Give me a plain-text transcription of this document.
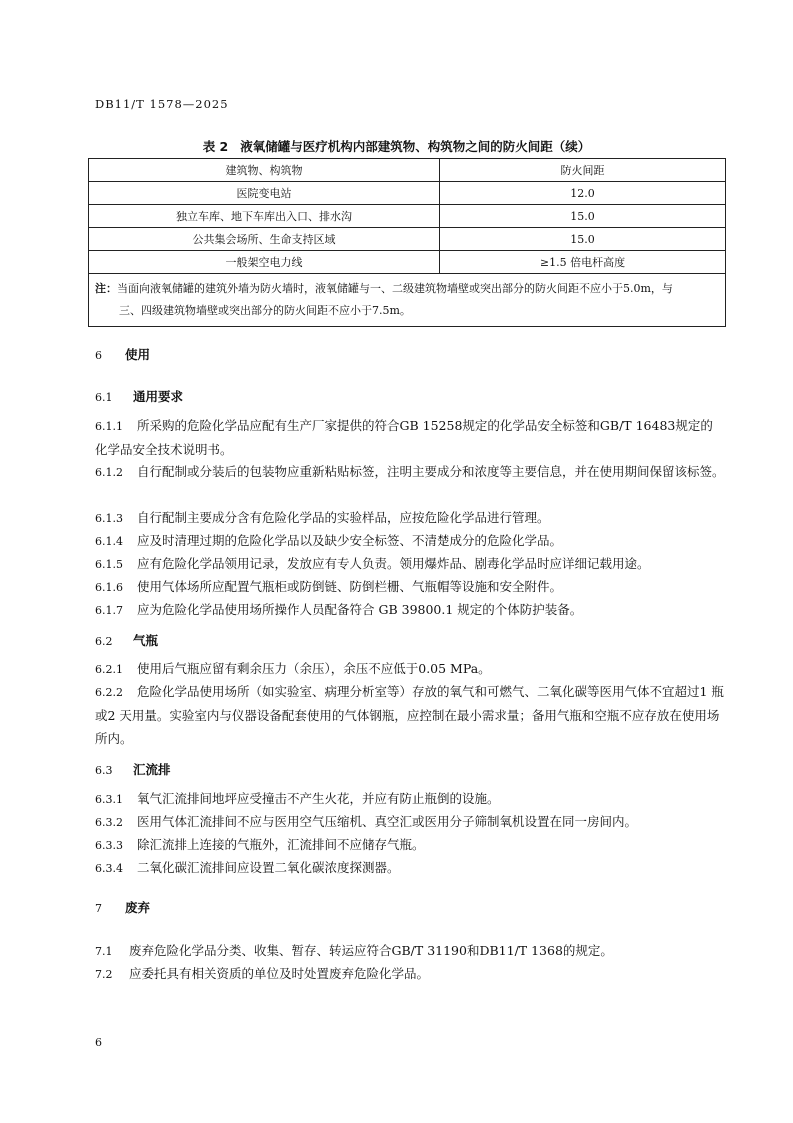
DB11/T 1578—2025
表 2 液氧储罐与医疗机构内部建筑物、构筑物之间的防火间距（续）
建筑物、构筑物	防火间距
医院变电站	12.0
独立车库、地下车库出入口、排水沟	15.0
公共集会场所、生命支持区域	15.0
一般架空电力线	≥1.5 倍电杆高度
注：当面向液氧储罐的建筑外墙为防火墙时，液氧储罐与一、二级建筑物墙壁或突出部分的防火间距不应小于5.0m，与
三、四级建筑物墙壁或突出部分的防火间距不应小于7.5m。	
6 使用
6.1 通用要求
6.1.1 所采购的危险化学品应配有生产厂家提供的符合GB 15258规定的化学品安全标签和GB/T 16483规定的化学品安全技术说明书。
6.1.2 自行配制或分装后的包装物应重新粘贴标签，注明主要成分和浓度等主要信息，并在使用期间保留该标签。
6.1.3 自行配制主要成分含有危险化学品的实验样品，应按危险化学品进行管理。
6.1.4 应及时清理过期的危险化学品以及缺少安全标签、不清楚成分的危险化学品。
6.1.5 应有危险化学品领用记录，发放应有专人负责。领用爆炸品、剧毒化学品时应详细记载用途。
6.1.6 使用气体场所应配置气瓶柜或防倒链、防倒栏栅、气瓶帽等设施和安全附件。
6.1.7 应为危险化学品使用场所操作人员配备符合 GB 39800.1 规定的个体防护装备。
6.2 气瓶
6.2.1 使用后气瓶应留有剩余压力（余压），余压不应低于0.05 MPa。
6.2.2 危险化学品使用场所（如实验室、病理分析室等）存放的氧气和可燃气、二氧化碳等医用气体不宜超过1 瓶或2 天用量。实验室内与仪器设备配套使用的气体钢瓶，应控制在最小需求量；备用气瓶和空瓶不应存放在使用场所内。
6.3 汇流排
6.3.1 氧气汇流排间地坪应受撞击不产生火花，并应有防止瓶倒的设施。
6.3.2 医用气体汇流排间不应与医用空气压缩机、真空汇或医用分子筛制氧机设置在同一房间内。
6.3.3 除汇流排上连接的气瓶外，汇流排间不应储存气瓶。
6.3.4 二氧化碳汇流排间应设置二氧化碳浓度探测器。
7 废弃
7.1 废弃危险化学品分类、收集、暂存、转运应符合GB/T 31190和DB11/T 1368的规定。
7.2 应委托具有相关资质的单位及时处置废弃危险化学品。
6
